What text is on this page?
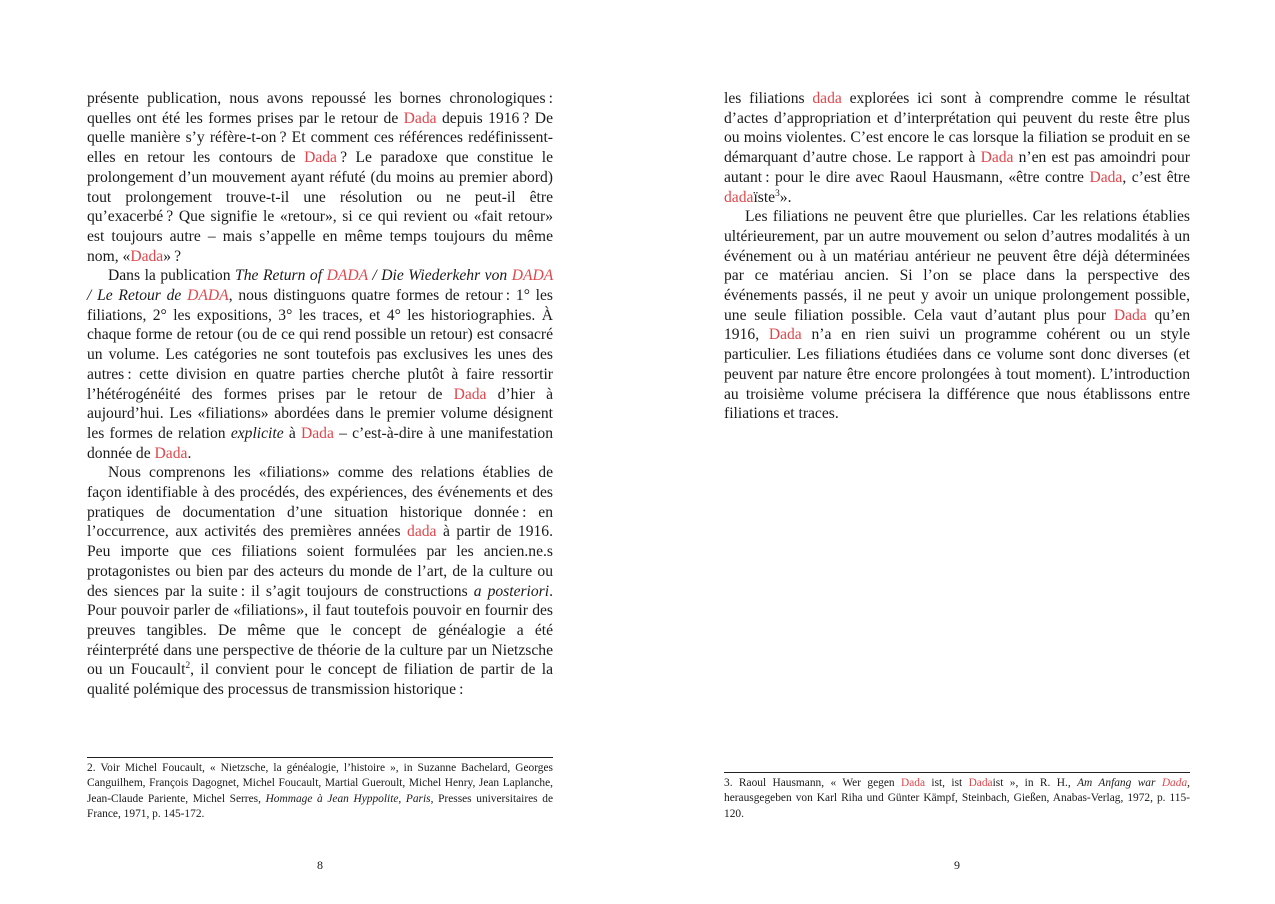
présente publication, nous avons repoussé les bornes chronologiques : quelles ont été les formes prises par le retour de Dada depuis 1916 ? De quelle manière s’y réfère-t-on ? Et comment ces références redéfinissent-elles en retour les contours de Dada ? Le paradoxe que constitue le prolongement d’un mouvement ayant réfuté (du moins au premier abord) tout prolongement trouve-t-il une résolution ou ne peut-il être qu’exacerbé ? Que signifie le «retour», si ce qui revient ou «fait retour» est toujours autre – mais s’appelle en même temps toujours du même nom, «Dada» ?

Dans la publication The Return of DADA / Die Wiederkehr von DADA / Le Retour de DADA, nous distinguons quatre formes de retour : 1° les filiations, 2° les expositions, 3° les traces, et 4° les historiographies. À chaque forme de retour (ou de ce qui rend possible un retour) est consacré un volume. Les catégories ne sont toutefois pas exclusives les unes des autres : cette division en quatre parties cherche plutôt à faire ressortir l’hétérogénéité des formes prises par le retour de Dada d’hier à aujourd’hui. Les «filiations» abordées dans le premier volume désignent les formes de relation explicite à Dada – c’est-à-dire à une manifestation donnée de Dada.

Nous comprenons les «filiations» comme des relations établies de façon identifiable à des procédés, des expériences, des événements et des pratiques de documentation d’une situation historique donnée : en l’occurrence, aux activités des premières années dada à partir de 1916. Peu importe que ces filiations soient formulées par les ancien.ne.s protagonistes ou bien par des acteurs du monde de l’art, de la culture ou des siences par la suite : il s’agit toujours de constructions a posteriori. Pour pouvoir parler de «filiations», il faut toutefois pouvoir en fournir des preuves tangibles. De même que le concept de généalogie a été réinterprété dans une perspective de théorie de la culture par un Nietzsche ou un Foucault$^2$, il convient pour le concept de filiation de partir de la qualité polémique des processus de transmission historique :

2. Voir Michel Foucault, « Nietzsche, la généalogie, l’histoire », in Suzanne Bachelard, Georges Canguilhem, François Dagognet, Michel Foucault, Martial Gueroult, Michel Henry, Jean Laplanche, Jean-Claude Pariente, Michel Serres, Hommage à Jean Hyppolite, Paris, Presses universitaires de France, 1971, p. 145-172.

8

les filiations dada explorées ici sont à comprendre comme le résultat d’actes d’appropriation et d’interprétation qui peuvent du reste être plus ou moins violentes. C’est encore le cas lorsque la filiation se produit en se démarquant d’autre chose. Le rapport à Dada n’en est pas amoindri pour autant : pour le dire avec Raoul Hausmann, «être contre Dada, c’est être dadaïste$^3$».

Les filiations ne peuvent être que plurielles. Car les relations établies ultérieurement, par un autre mouvement ou selon d’autres modalités à un événement ou à un matériau antérieur ne peuvent être déjà déterminées par ce matériau ancien. Si l’on se place dans la perspective des événements passés, il ne peut y avoir un unique prolongement possible, une seule filiation possible. Cela vaut d’autant plus pour Dada qu’en 1916, Dada n’a en rien suivi un programme cohérent ou un style particulier. Les filiations étudiées dans ce volume sont donc diverses (et peuvent par nature être encore prolongées à tout moment). L’introduction au troisième volume précisera la différence que nous établissons entre filiations et traces.

3. Raoul Hausmann, « Wer gegen Dada ist, ist Dadaist », in R. H., Am Anfang war Dada, herausgegeben von Karl Riha und Günter Kämpf, Steinbach, Gießen, Anabas-Verlag, 1972, p. 115-120.

9
